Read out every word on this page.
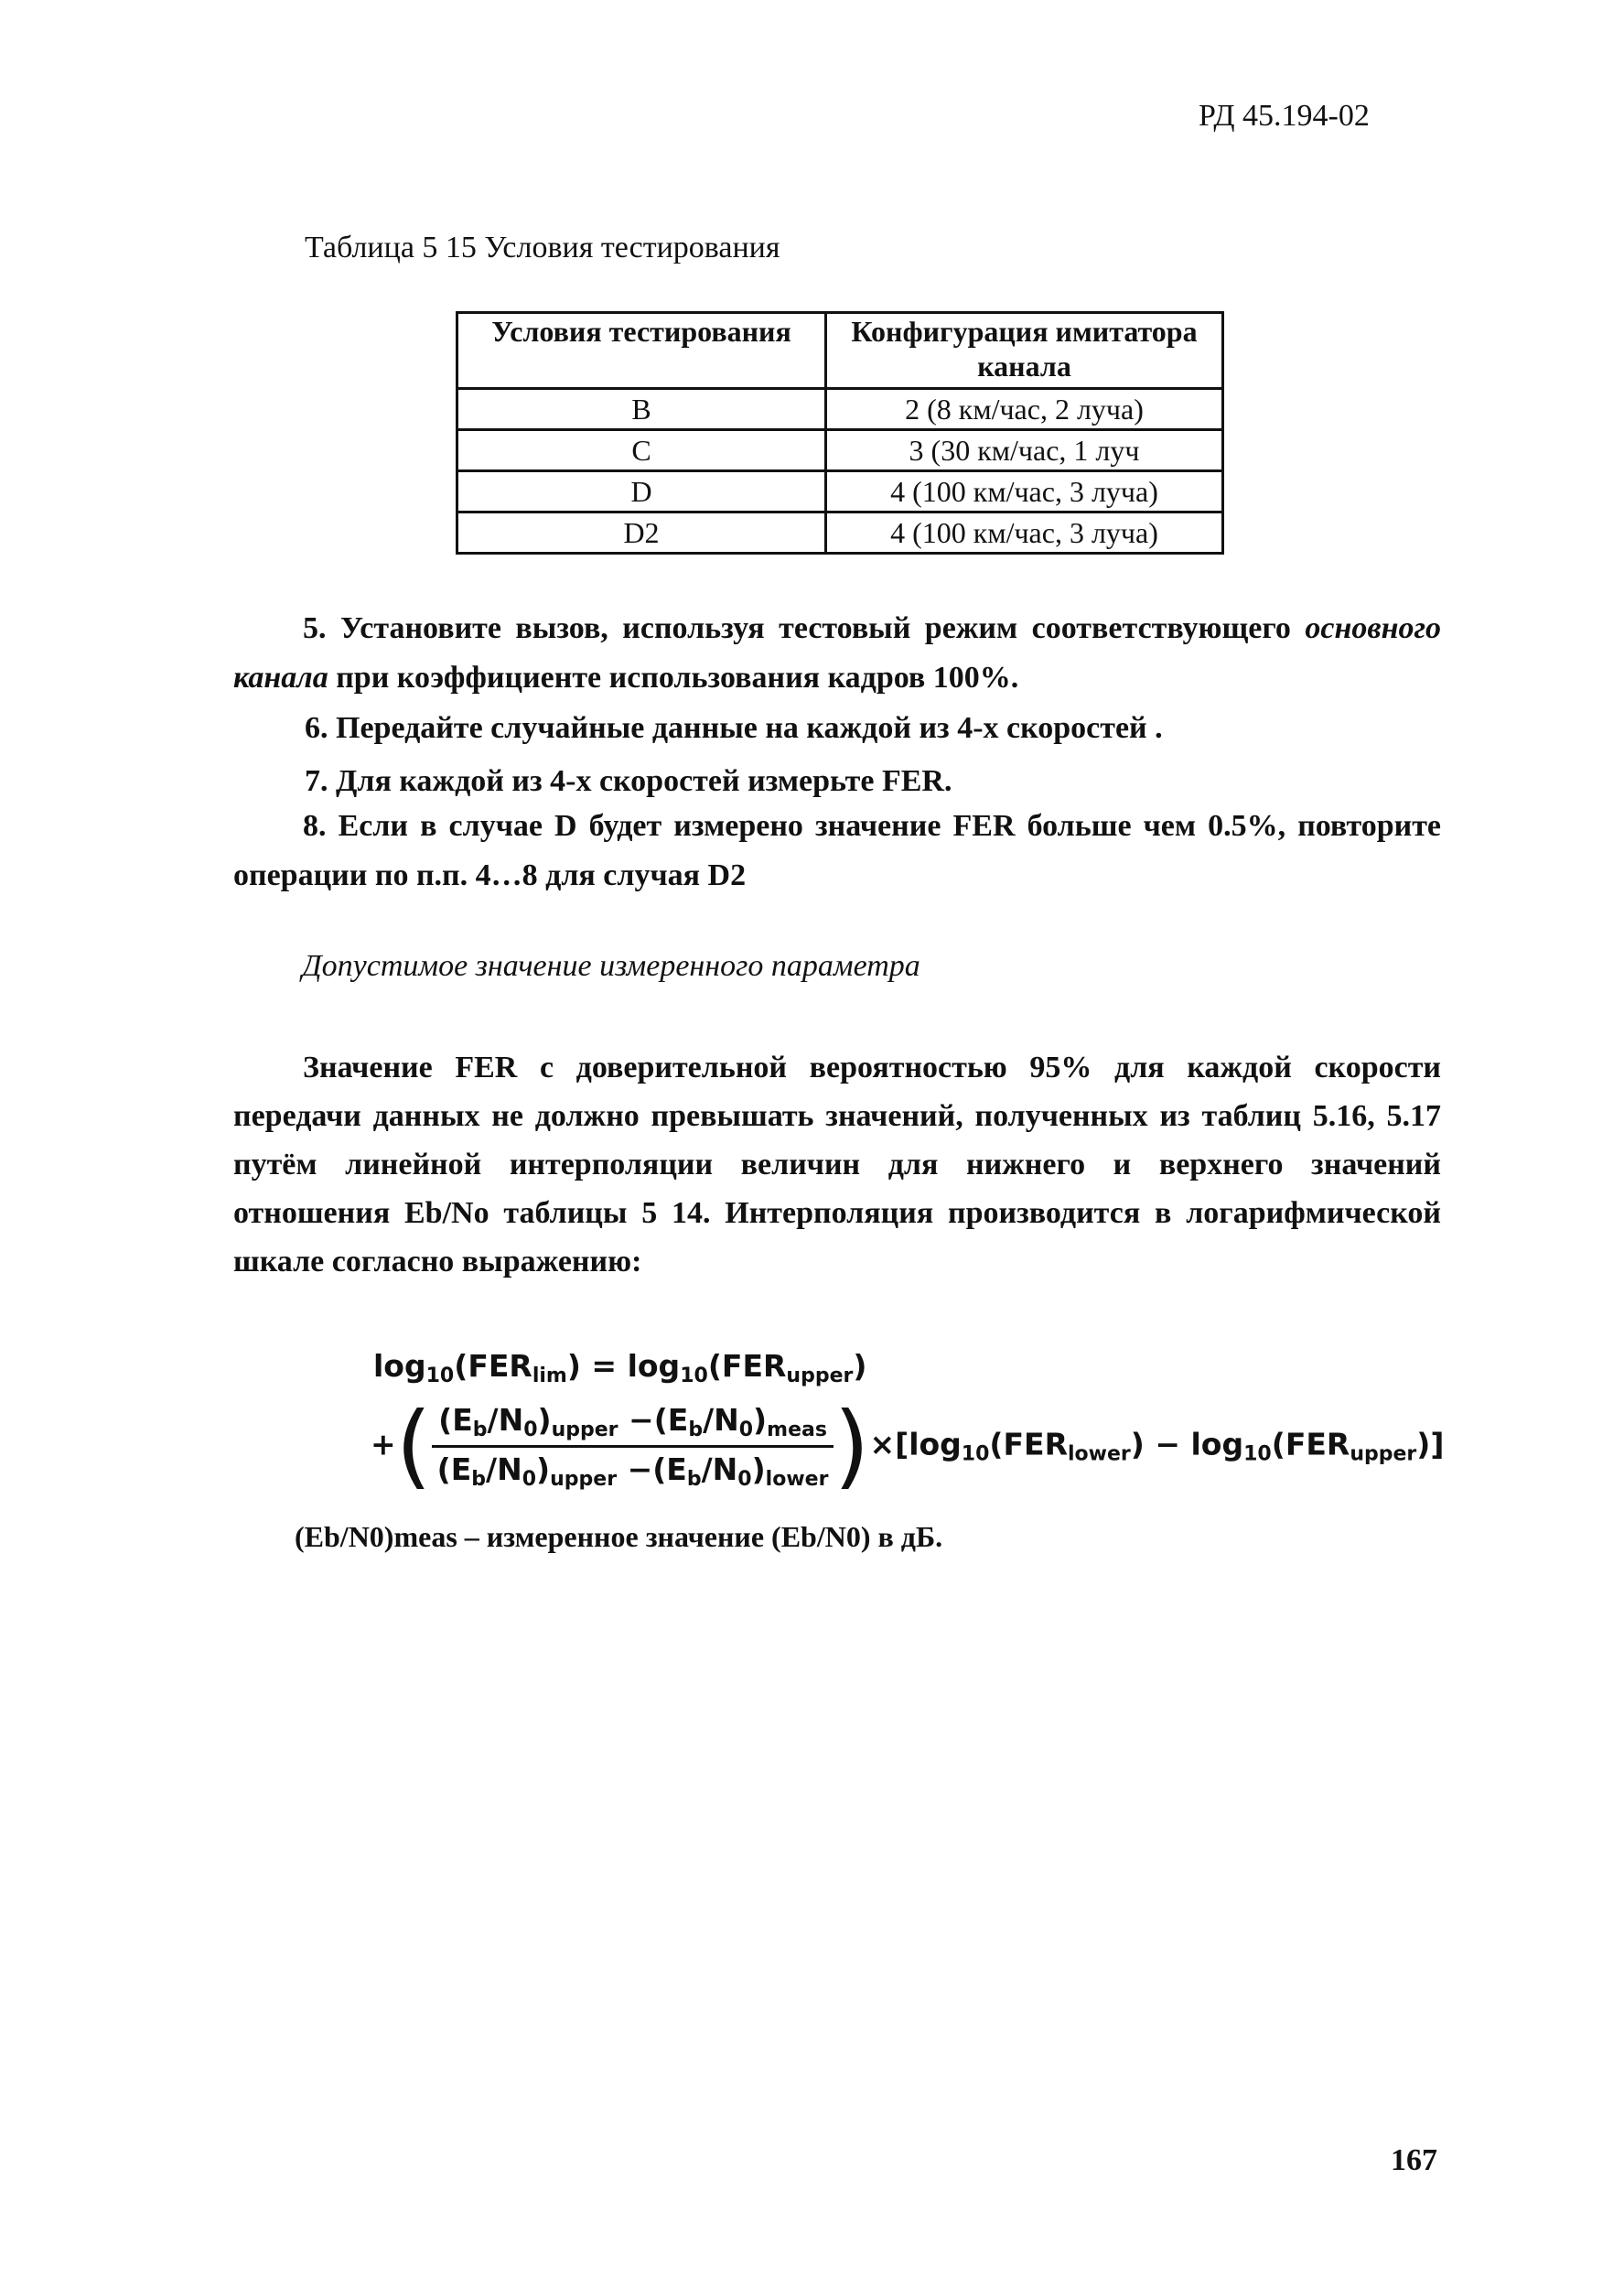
РД 45.194-02
Таблица 5 15 Условия тестирования
Условия тестирования	Конфигурация имитатора канала
B	2 (8 км/час, 2 луча)
C	3 (30 км/час, 1 луч
D	4 (100 км/час, 3 луча)
D2	4 (100 км/час, 3 луча)
5. Установите вызов, используя тестовый режим соответствующего основного канала при коэффициенте использования кадров 100%.
6. Передайте случайные данные на каждой из 4-х скоростей .
7. Для каждой из 4-х скоростей измерьте FER.
8. Если в случае D будет измерено значение FER больше чем 0.5%, повторите операции по п.п. 4…8 для случая D2
Допустимое значение измеренного параметра
Значение FER с доверительной вероятностью 95% для каждой скорости передачи данных не должно превышать значений, полученных из таблиц 5.16, 5.17 путём линейной интерполяции величин для нижнего и верхнего значений отношения Eb/No таблицы 5 14. Интерполяция производится в логарифмической шкале согласно выражению:
$\log_{10}(FER_{lim}) = \log_{10}(FER_{upper})$
+( $\frac{(E_b/N_0)_{upper} -(E_b/N_0)_{meas}}{(E_b/N_0)_{upper} -(E_b/N_0)_{lower}} )\times[\log_{10}(FER_{lower}) - \log_{10}(FER_{upper})]$
(Eb/N0)meas – измеренное значение (Eb/N0) в дБ.
167
